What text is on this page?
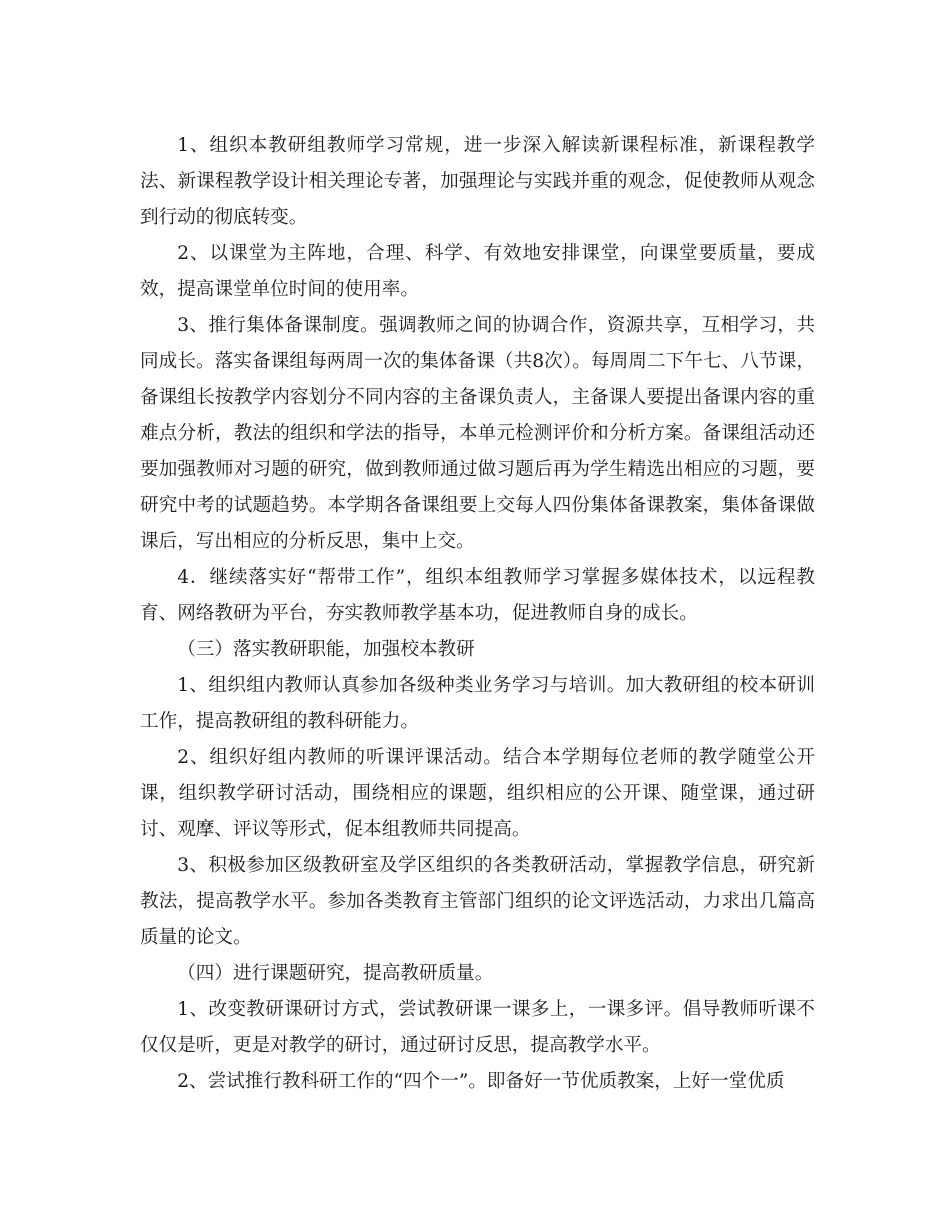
1、组织本教研组教师学习常规，进一步深入解读新课程标准，新课程教学法、新课程教学设计相关理论专著，加强理论与实践并重的观念，促使教师从观念到行动的彻底转变。

2、以课堂为主阵地，合理、科学、有效地安排课堂，向课堂要质量，要成效，提高课堂单位时间的使用率。

3、推行集体备课制度。强调教师之间的协调合作，资源共享，互相学习，共同成长。落实备课组每两周一次的集体备课（共8次）。每周周二下午七、八节课，备课组长按教学内容划分不同内容的主备课负责人，主备课人要提出备课内容的重难点分析，教法的组织和学法的指导，本单元检测评价和分析方案。备课组活动还要加强教师对习题的研究，做到教师通过做习题后再为学生精选出相应的习题，要研究中考的试题趋势。本学期各备课组要上交每人四份集体备课教案，集体备课做课后，写出相应的分析反思，集中上交。

4．继续落实好“帮带工作”，组织本组教师学习掌握多媒体技术，以远程教育、网络教研为平台，夯实教师教学基本功，促进教师自身的成长。

（三）落实教研职能，加强校本教研

1、组织组内教师认真参加各级种类业务学习与培训。加大教研组的校本研训工作，提高教研组的教科研能力。

2、组织好组内教师的听课评课活动。结合本学期每位老师的教学随堂公开课，组织教学研讨活动，围绕相应的课题，组织相应的公开课、随堂课，通过研讨、观摩、评议等形式，促本组教师共同提高。

3、积极参加区级教研室及学区组织的各类教研活动，掌握教学信息，研究新教法，提高教学水平。参加各类教育主管部门组织的论文评选活动，力求出几篇高质量的论文。

（四）进行课题研究，提高教研质量。

1、改变教研课研讨方式，尝试教研课一课多上，一课多评。倡导教师听课不仅仅是听，更是对教学的研讨，通过研讨反思，提高教学水平。

2、尝试推行教科研工作的“四个一”。即备好一节优质教案，上好一堂优质
